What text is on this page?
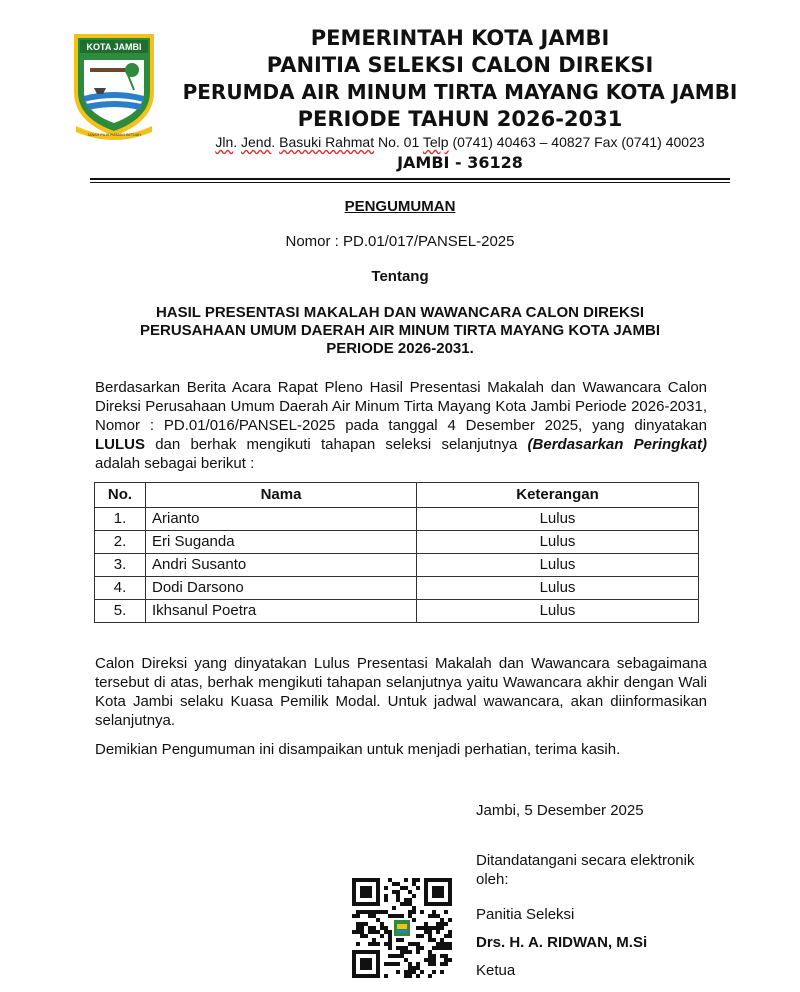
KOTA JAMBI
TANAH PILIH PUSAKO BETUAH
PEMERINTAH KOTA JAMBI
PANITIA SELEKSI CALON DIREKSI
PERUMDA AIR MINUM TIRTA MAYANG KOTA JAMBI
PERIODE TAHUN 2026-2031
Jln. Jend. Basuki Rahmat No. 01 Telp (0741) 40463 – 40827 Fax (0741) 40023
JAMBI - 36128
PENGUMUMAN
Nomor : PD.01/017/PANSEL-2025
Tentang
HASIL PRESENTASI MAKALAH DAN WAWANCARA CALON DIREKSI
PERUSAHAAN UMUM DAERAH AIR MINUM TIRTA MAYANG KOTA JAMBI
PERIODE 2026-2031.
Berdasarkan Berita Acara Rapat Pleno Hasil Presentasi Makalah dan Wawancara Calon Direksi Perusahaan Umum Daerah Air Minum Tirta Mayang Kota Jambi Periode 2026-2031, Nomor : PD.01/016/PANSEL-2025 pada tanggal 4 Desember 2025, yang dinyatakan LULUS dan berhak mengikuti tahapan seleksi selanjutnya (Berdasarkan Peringkat) adalah sebagai berikut :
No.	Nama	Keterangan
1.	Arianto	Lulus
2.	Eri Suganda	Lulus
3.	Andri Susanto	Lulus
4.	Dodi Darsono	Lulus
5.	Ikhsanul Poetra	Lulus
Calon Direksi yang dinyatakan Lulus Presentasi Makalah dan Wawancara sebagaimana tersebut di atas, berhak mengikuti tahapan selanjutnya yaitu Wawancara akhir dengan Wali Kota Jambi selaku Kuasa Pemilik Modal. Untuk jadwal wawancara, akan diinformasikan selanjutnya.
Demikian Pengumuman ini disampaikan untuk menjadi perhatian, terima kasih.
Jambi, 5 Desember 2025
Ditandatangani secara elektronik oleh:
Panitia Seleksi
Drs. H. A. RIDWAN, M.Si
Ketua
